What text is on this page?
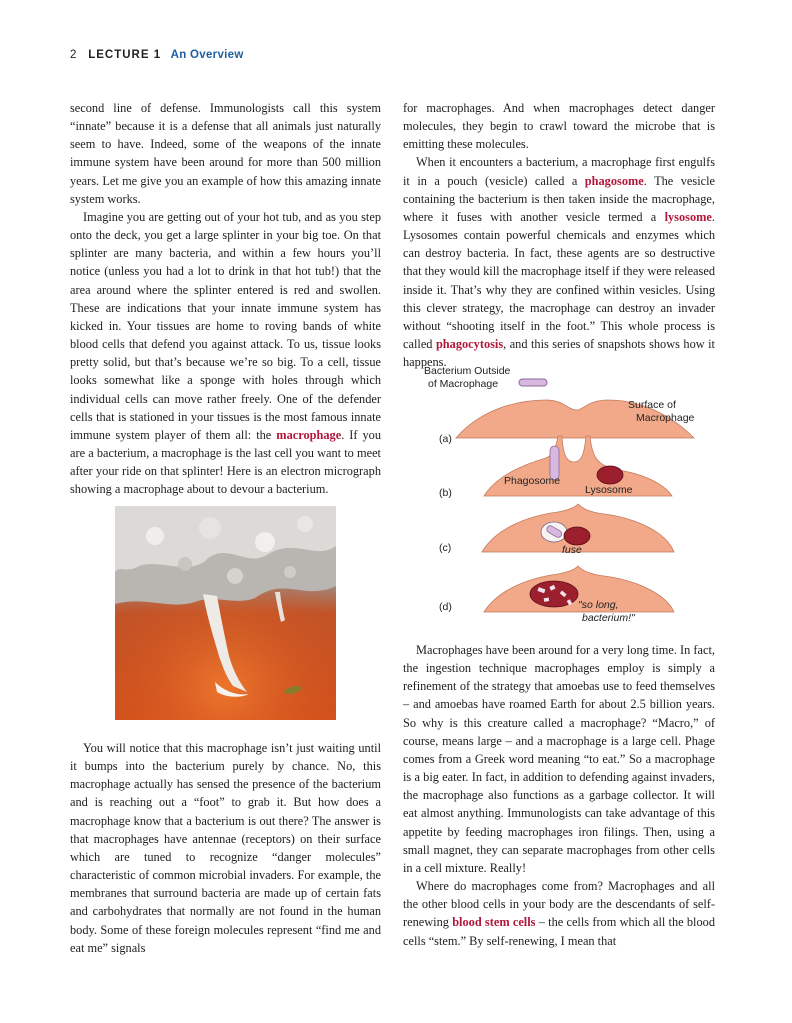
2 LECTURE 1 An Overview

second line of defense. Immunologists call this system “innate” because it is a defense that all animals just naturally seem to have. Indeed, some of the weapons of the innate immune system have been around for more than 500 million years. Let me give you an example of how this amazing innate system works.

Imagine you are getting out of your hot tub, and as you step onto the deck, you get a large splinter in your big toe. On that splinter are many bacteria, and within a few hours you’ll notice (unless you had a lot to drink in that hot tub!) that the area around where the splinter entered is red and swollen. These are indications that your innate immune system has kicked in. Your tissues are home to roving bands of white blood cells that defend you against attack. To us, tissue looks pretty solid, but that’s because we’re so big. To a cell, tissue looks somewhat like a sponge with holes through which individual cells can move rather freely. One of the defender cells that is stationed in your tissues is the most famous innate immune system player of them all: the macrophage. If you are a bacterium, a macrophage is the last cell you want to meet after your ride on that splinter! Here is an electron micrograph showing a macrophage about to devour a bacterium.

You will notice that this macrophage isn’t just waiting until it bumps into the bacterium purely by chance. No, this macrophage actually has sensed the presence of the bacterium and is reaching out a “foot” to grab it. But how does a macrophage know that a bacterium is out there? The answer is that macrophages have antennae (receptors) on their surface which are tuned to recognize “danger molecules” characteristic of common microbial invaders. For example, the membranes that surround bacteria are made up of certain fats and carbohydrates that normally are not found in the human body. Some of these foreign molecules represent “find me and eat me” signals

for macrophages. And when macrophages detect danger molecules, they begin to crawl toward the microbe that is emitting these molecules.

When it encounters a bacterium, a macrophage first engulfs it in a pouch (vesicle) called a phagosome. The vesicle containing the bacterium is then taken inside the macrophage, where it fuses with another vesicle termed a lysosome. Lysosomes contain powerful chemicals and enzymes which can destroy bacteria. In fact, these agents are so destructive that they would kill the macrophage itself if they were released inside it. That’s why they are confined within vesicles. Using this clever strategy, the macrophage can destroy an invader without “shooting itself in the foot.” This whole process is called phagocytosis, and this series of snapshots shows how it happens.

Bacterium Outside
of Macrophage
Surface of
Macrophage
(a)
Phagosome
Lysosome
(b)
fuse
(c)
"so long,
bacterium!"
(d)

Macrophages have been around for a very long time. In fact, the ingestion technique macrophages employ is simply a refinement of the strategy that amoebas use to feed themselves – and amoebas have roamed Earth for about 2.5 billion years. So why is this creature called a macrophage? “Macro,” of course, means large – and a macrophage is a large cell. Phage comes from a Greek word meaning “to eat.” So a macrophage is a big eater. In fact, in addition to defending against invaders, the macrophage also functions as a garbage collector. It will eat almost anything. Immunologists can take advantage of this appetite by feeding macrophages iron filings. Then, using a small magnet, they can separate macrophages from other cells in a cell mixture. Really!

Where do macrophages come from? Macrophages and all the other blood cells in your body are the descendants of self-renewing blood stem cells – the cells from which all the blood cells “stem.” By self-renewing, I mean that
